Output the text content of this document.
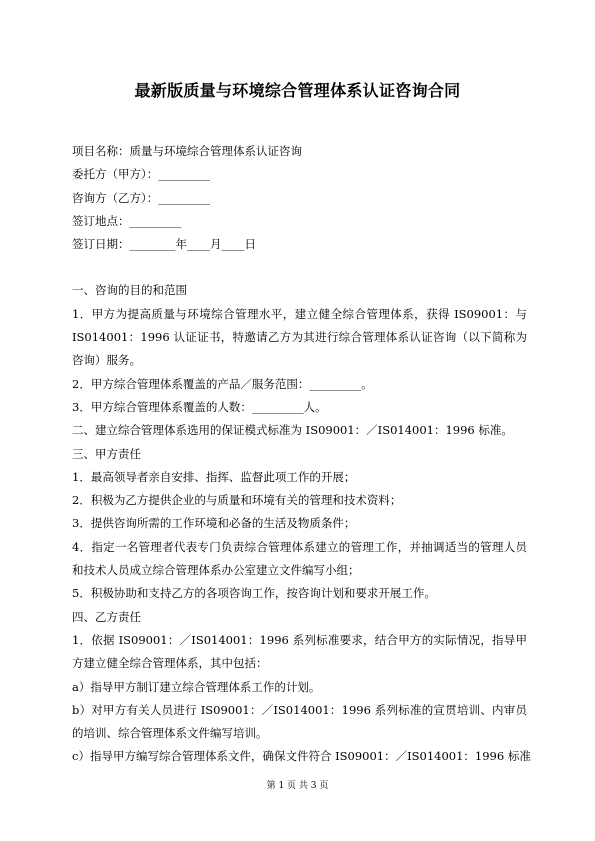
最新版质量与环境综合管理体系认证咨询合同
项目名称：质量与环境综合管理体系认证咨询
委托方（甲方）：_________
咨询方（乙方）：_________
签订地点：_________
签订日期：________年____月____日
一、咨询的目的和范围
1．甲方为提高质量与环境综合管理水平，建立健全综合管理体系，获得 IS09001：与 IS014001：1996 认证证书，特邀请乙方为其进行综合管理体系认证咨询（以下简称为咨询）服务。
2．甲方综合管理体系覆盖的产品／服务范围：_________。
3．甲方综合管理体系覆盖的人数：_________人。
二、建立综合管理体系选用的保证模式标准为 IS09001：／IS014001：1996 标准。
三、甲方责任
1．最高领导者亲自安排、指挥、监督此项工作的开展；
2．积极为乙方提供企业的与质量和环境有关的管理和技术资料；
3．提供咨询所需的工作环境和必备的生活及物质条件；
4．指定一名管理者代表专门负责综合管理体系建立的管理工作，并抽调适当的管理人员和技术人员成立综合管理体系办公室建立文件编写小组；
5．积极协助和支持乙方的各项咨询工作，按咨询计划和要求开展工作。
四、乙方责任
1．依据 IS09001：／IS014001：1996 系列标准要求，结合甲方的实际情况，指导甲方建立健全综合管理体系，其中包括：
a）指导甲方制订建立综合管理体系工作的计划。
b）对甲方有关人员进行 IS09001：／IS014001：1996 系列标准的宣贯培训、内审员的培训、综合管理体系文件编写培训。
c）指导甲方编写综合管理体系文件，确保文件符合 IS09001：／IS014001：1996 标准
第 1 页 共 3 页
